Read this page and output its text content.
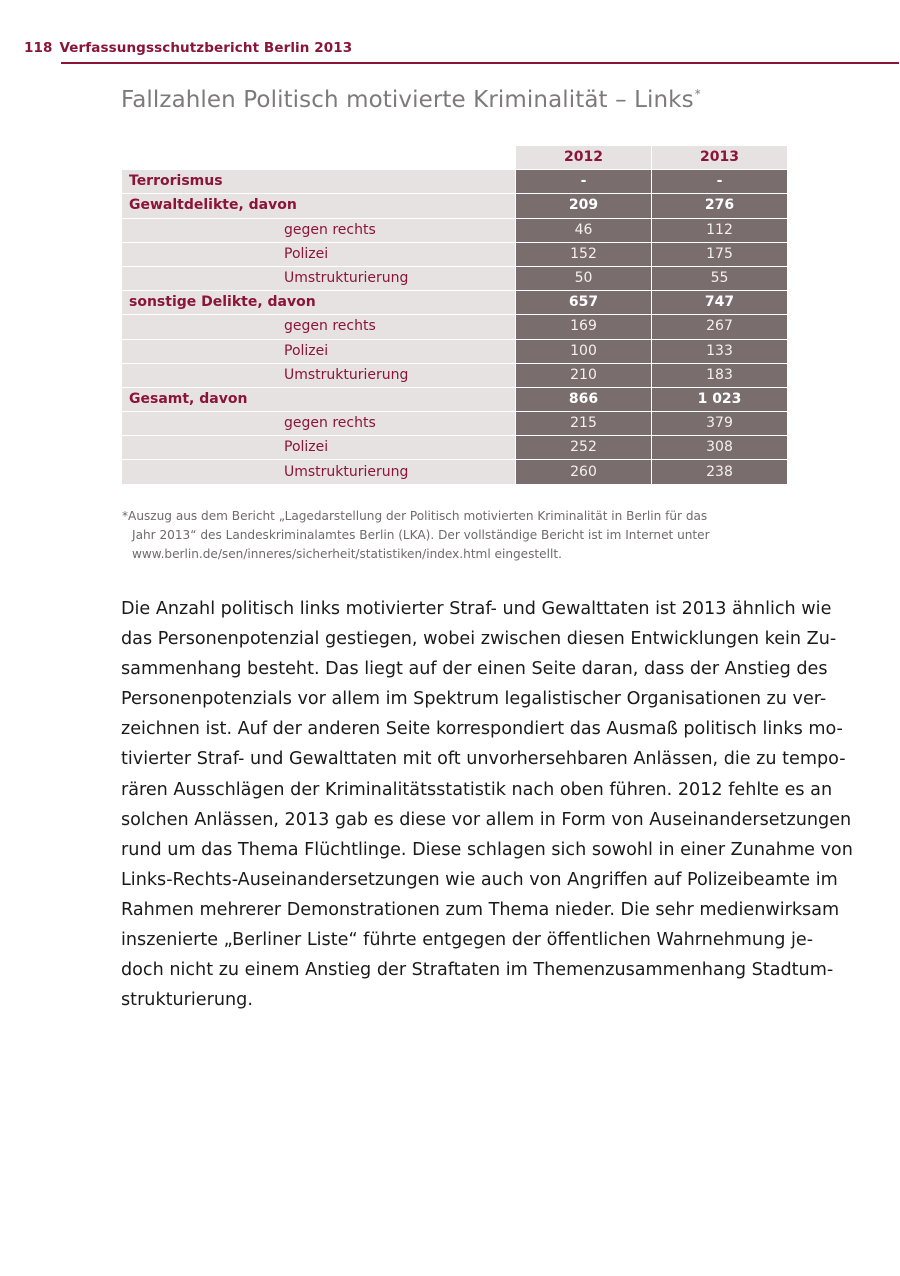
118 Verfassungsschutzbericht Berlin 2013
Fallzahlen Politisch motivierte Kriminalität – Links*
	2012	2013
Terrorismus	-	-
Gewaltdelikte, davon	209	276
gegen rechts	46	112
Polizei	152	175
Umstrukturierung	50	55
sonstige Delikte, davon	657	747
gegen rechts	169	267
Polizei	100	133
Umstrukturierung	210	183
Gesamt, davon	866	1 023
gegen rechts	215	379
Polizei	252	308
Umstrukturierung	260	238
*Auszug aus dem Bericht „Lagedarstellung der Politisch motivierten Kriminalität in Berlin für das
Jahr 2013“ des Landeskriminalamtes Berlin (LKA). Der vollständige Bericht ist im Internet unter
www.berlin.de/sen/inneres/sicherheit/statistiken/index.html eingestellt.
Die Anzahl politisch links motivierter Straf- und Gewalttaten ist 2013 ähnlich wie
das Personenpotenzial gestiegen, wobei zwischen diesen Entwicklungen kein Zu-
sammenhang besteht. Das liegt auf der einen Seite daran, dass der Anstieg des
Personenpotenzials vor allem im Spektrum legalistischer Organisationen zu ver-
zeichnen ist. Auf der anderen Seite korrespondiert das Ausmaß politisch links mo-
tivierter Straf- und Gewalttaten mit oft unvorhersehbaren Anlässen, die zu tempo-
rären Ausschlägen der Kriminalitätsstatistik nach oben führen. 2012 fehlte es an
solchen Anlässen, 2013 gab es diese vor allem in Form von Auseinandersetzungen
rund um das Thema Flüchtlinge. Diese schlagen sich sowohl in einer Zunahme von
Links-Rechts-Auseinandersetzungen wie auch von Angriffen auf Polizeibeamte im
Rahmen mehrerer Demonstrationen zum Thema nieder. Die sehr medienwirksam
inszenierte „Berliner Liste“ führte entgegen der öffentlichen Wahrnehmung je-
doch nicht zu einem Anstieg der Straftaten im Themenzusammenhang Stadtum-
strukturierung.
